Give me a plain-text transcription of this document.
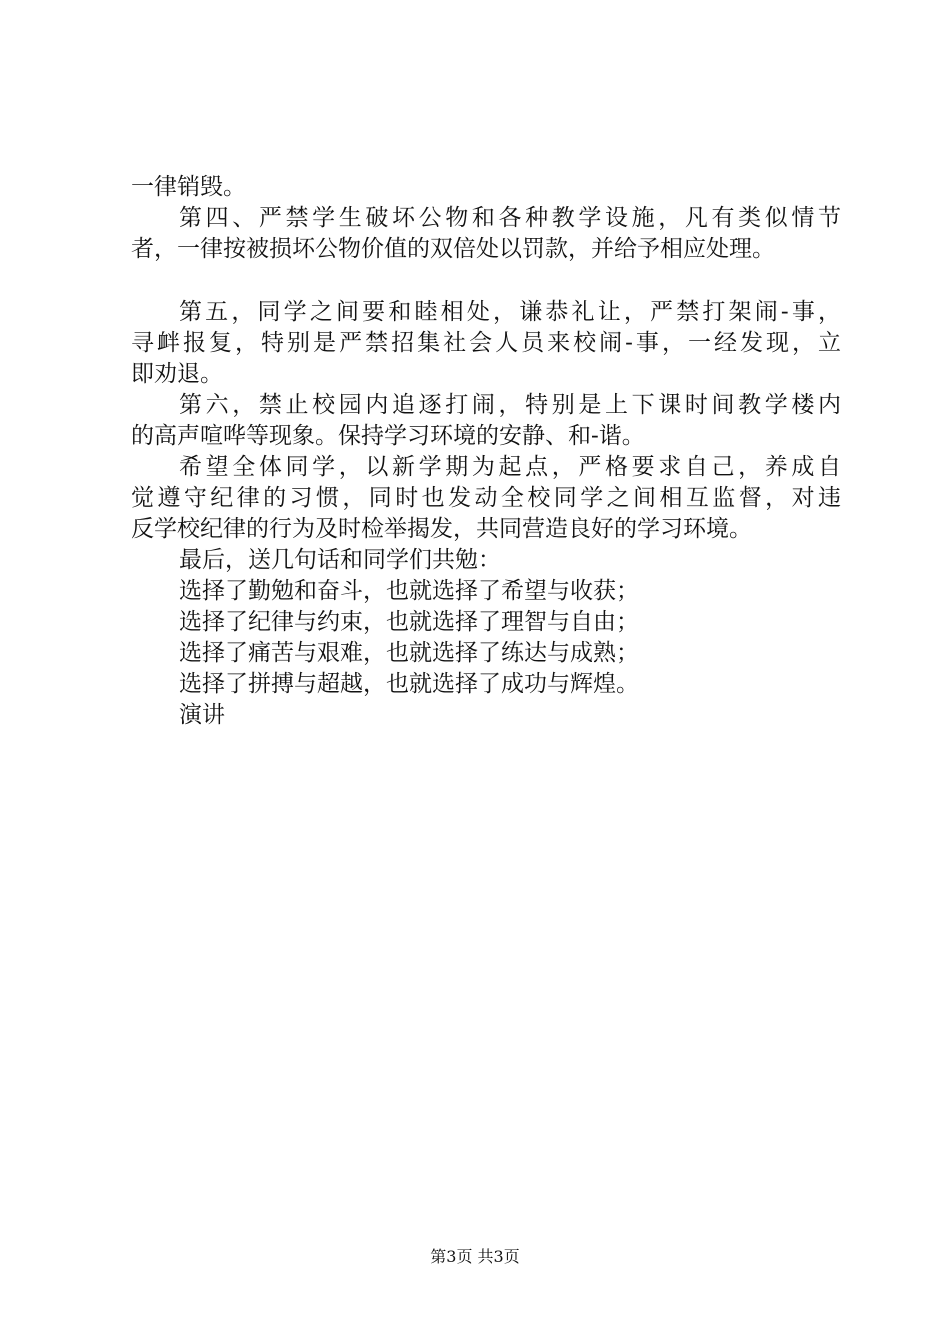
一律销毁。
第四、严禁学生破坏公物和各种教学设施，凡有类似情节
者，一律按被损坏公物价值的双倍处以罚款，并给予相应处理。
第五，同学之间要和睦相处，谦恭礼让，严禁打架闹-事，
寻衅报复，特别是严禁招集社会人员来校闹-事，一经发现，立
即劝退。
第六，禁止校园内追逐打闹，特别是上下课时间教学楼内
的高声喧哗等现象。保持学习环境的安静、和-谐。
希望全体同学，以新学期为起点，严格要求自己，养成自
觉遵守纪律的习惯，同时也发动全校同学之间相互监督，对违
反学校纪律的行为及时检举揭发，共同营造良好的学习环境。
最后，送几句话和同学们共勉：
选择了勤勉和奋斗，也就选择了希望与收获；
选择了纪律与约束，也就选择了理智与自由；
选择了痛苦与艰难，也就选择了练达与成熟；
选择了拼搏与超越，也就选择了成功与辉煌。
演讲
第3页 共3页
